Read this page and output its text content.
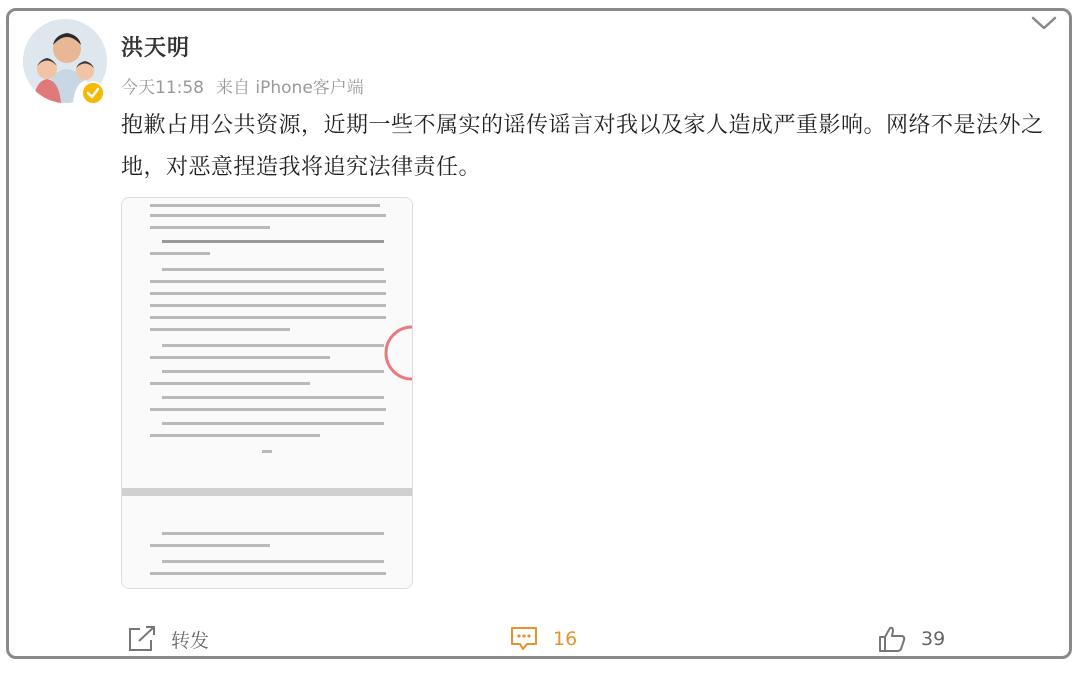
洪天明
今天11:58 来自 iPhone客户端
抱歉占用公共资源，近期一些不属实的谣传谣言对我以及家人造成严重影响。网络不是法外之地，对恶意捏造我将追究法律责任。
转发	16	39
